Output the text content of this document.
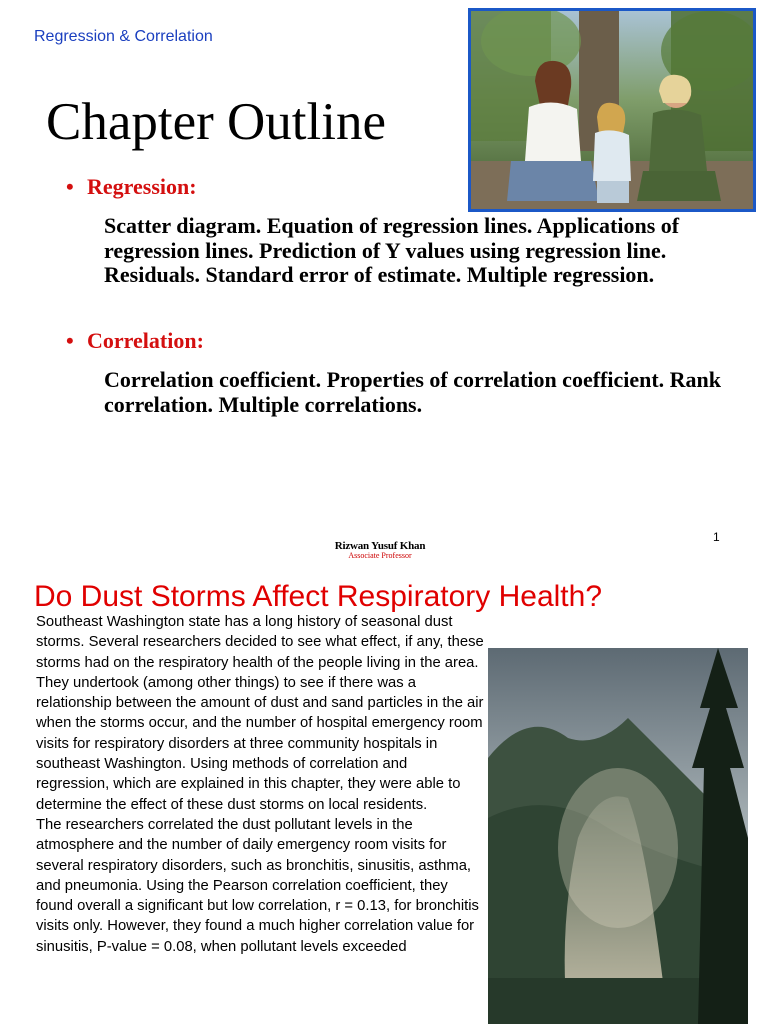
Regression & Correlation
Chapter Outline
• Regression:
Scatter diagram. Equation of regression lines. Applications of regression lines. Prediction of Y values using regression line. Residuals. Standard error of estimate. Multiple regression.
• Correlation:
Correlation coefficient. Properties of correlation coefficient. Rank correlation. Multiple correlations.
Rizwan Yusuf Khan
Associate Professor
1
Do Dust Storms Affect Respiratory Health?

Southeast Washington state has a long history of seasonal dust storms. Several researchers decided to see what effect, if any, these storms had on the respiratory health of the people living in the area. They undertook (among other things) to see if there was a relationship between the amount of dust and sand particles in the air when the storms occur, and the number of hospital emergency room visits for respiratory disorders at three community hospitals in southeast Washington. Using methods of correlation and regression, which are explained in this chapter, they were able to determine the effect of these dust storms on local residents.

The researchers correlated the dust pollutant levels in the atmosphere and the number of daily emergency room visits for several respiratory disorders, such as bronchitis, sinusitis, asthma, and pneumonia. Using the Pearson correlation coefficient, they found overall a significant but low correlation, r = 0.13, for bronchitis visits only. However, they found a much higher correlation value for sinusitis, P-value = 0.08, when pollutant levels exceeded
